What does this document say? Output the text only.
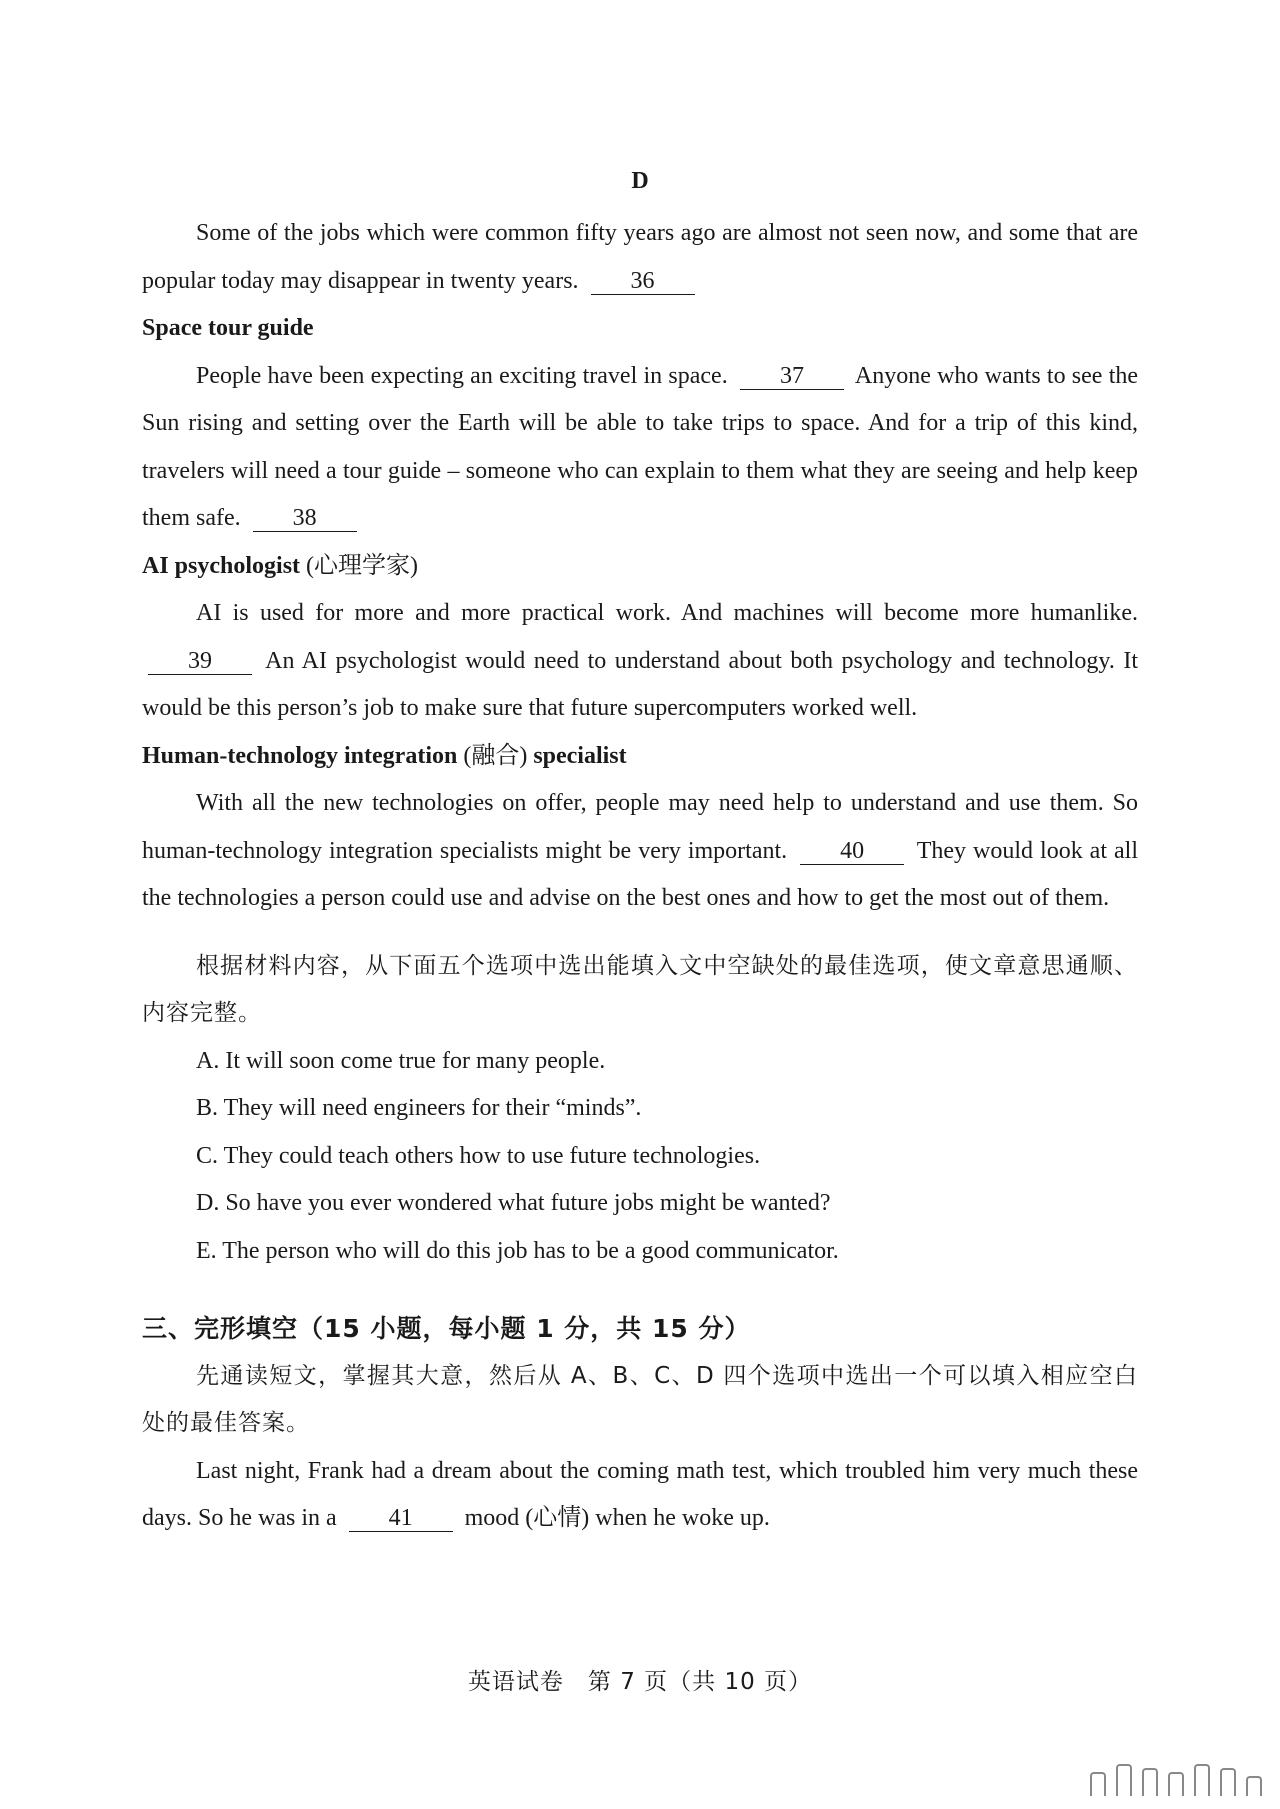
D

Some of the jobs which were common fifty years ago are almost not seen now, and some that are popular today may disappear in twenty years. 36

Space tour guide

People have been expecting an exciting travel in space. 37 Anyone who wants to see the Sun rising and setting over the Earth will be able to take trips to space. And for a trip of this kind, travelers will need a tour guide – someone who can explain to them what they are seeing and help keep them safe. 38

AI psychologist (心理学家)

AI is used for more and more practical work. And machines will become more humanlike. 39 An AI psychologist would need to understand about both psychology and technology. It would be this person’s job to make sure that future supercomputers worked well.

Human-technology integration (融合) specialist

With all the new technologies on offer, people may need help to understand and use them. So human-technology integration specialists might be very important. 40 They would look at all the technologies a person could use and advise on the best ones and how to get the most out of them.

根据材料内容，从下面五个选项中选出能填入文中空缺处的最佳选项，使文章意思通顺、内容完整。

A. It will soon come true for many people.
B. They will need engineers for their “minds”.
C. They could teach others how to use future technologies.
D. So have you ever wondered what future jobs might be wanted?
E. The person who will do this job has to be a good communicator.

三、完形填空（15 小题，每小题 1 分，共 15 分）

先通读短文，掌握其大意，然后从 A、B、C、D 四个选项中选出一个可以填入相应空白处的最佳答案。

Last night, Frank had a dream about the coming math test, which troubled him very much these days. So he was in a 41 mood (心情) when he woke up.

英语试卷　第 7 页（共 10 页）
